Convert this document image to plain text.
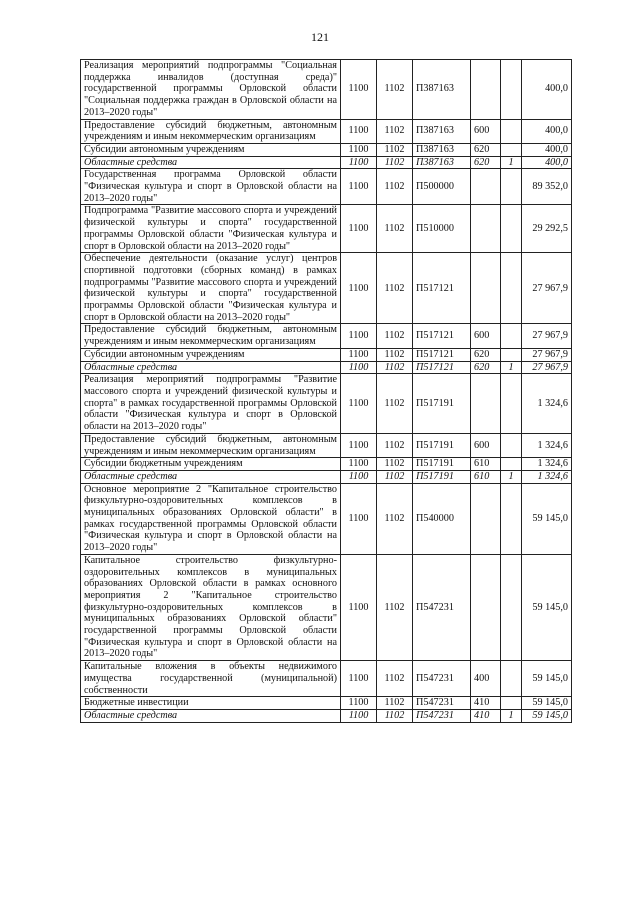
121
Реализация мероприятий подпрограммы "Социальная поддержка инвалидов (доступная среда)" государственной программы Орловской области "Социальная поддержка граждан в Орловской области на 2013–2020 годы"	1100	1102	П387163			400,0
Предоставление субсидий бюджетным, автономным учреждениям и иным некоммерческим организациям	1100	1102	П387163	600		400,0
Субсидии автономным учреждениям	1100	1102	П387163	620		400,0
Областные средства	1100	1102	П387163	620	1	400,0
Государственная программа Орловской области "Физическая культура и спорт в Орловской области на 2013–2020 годы"	1100	1102	П500000			89 352,0
Подпрограмма "Развитие массового спорта и учреждений физической культуры и спорта" государственной программы Орловской области "Физическая культура и спорт в Орловской области на 2013–2020 годы"	1100	1102	П510000			29 292,5
Обеспечение деятельности (оказание услуг) центров спортивной подготовки (сборных команд) в рамках подпрограммы "Развитие массового спорта и учреждений физической культуры и спорта" государственной программы Орловской области "Физическая культура и спорт в Орловской области на 2013–2020 годы"	1100	1102	П517121			27 967,9
Предоставление субсидий бюджетным, автономным учреждениям и иным некоммерческим организациям	1100	1102	П517121	600		27 967,9
Субсидии автономным учреждениям	1100	1102	П517121	620		27 967,9
Областные средства	1100	1102	П517121	620	1	27 967,9
Реализация мероприятий подпрограммы "Развитие массового спорта и учреждений физической культуры и спорта" в рамках государственной программы Орловской области "Физическая культура и спорт в Орловской области на 2013–2020 годы"	1100	1102	П517191			1 324,6
Предоставление субсидий бюджетным, автономным учреждениям и иным некоммерческим организациям	1100	1102	П517191	600		1 324,6
Субсидии бюджетным учреждениям	1100	1102	П517191	610		1 324,6
Областные средства	1100	1102	П517191	610	1	1 324,6
Основное мероприятие 2 "Капитальное строительство физкультурно-оздоровительных комплексов в муниципальных образованиях Орловской области" в рамках государственной программы Орловской области "Физическая культура и спорт в Орловской области на 2013–2020 годы"	1100	1102	П540000			59 145,0
Капитальное строительство физкультурно-оздоровительных комплексов в муниципальных образованиях Орловской области в рамках основного мероприятия 2 "Капитальное строительство физкультурно-оздоровительных комплексов в муниципальных образованиях Орловской области" государственной программы Орловской области "Физическая культура и спорт в Орловской области на 2013–2020 годы"	1100	1102	П547231			59 145,0
Капитальные вложения в объекты недвижимого имущества государственной (муниципальной) собственности	1100	1102	П547231	400		59 145,0
Бюджетные инвестиции	1100	1102	П547231	410		59 145,0
Областные средства	1100	1102	П547231	410	1	59 145,0
